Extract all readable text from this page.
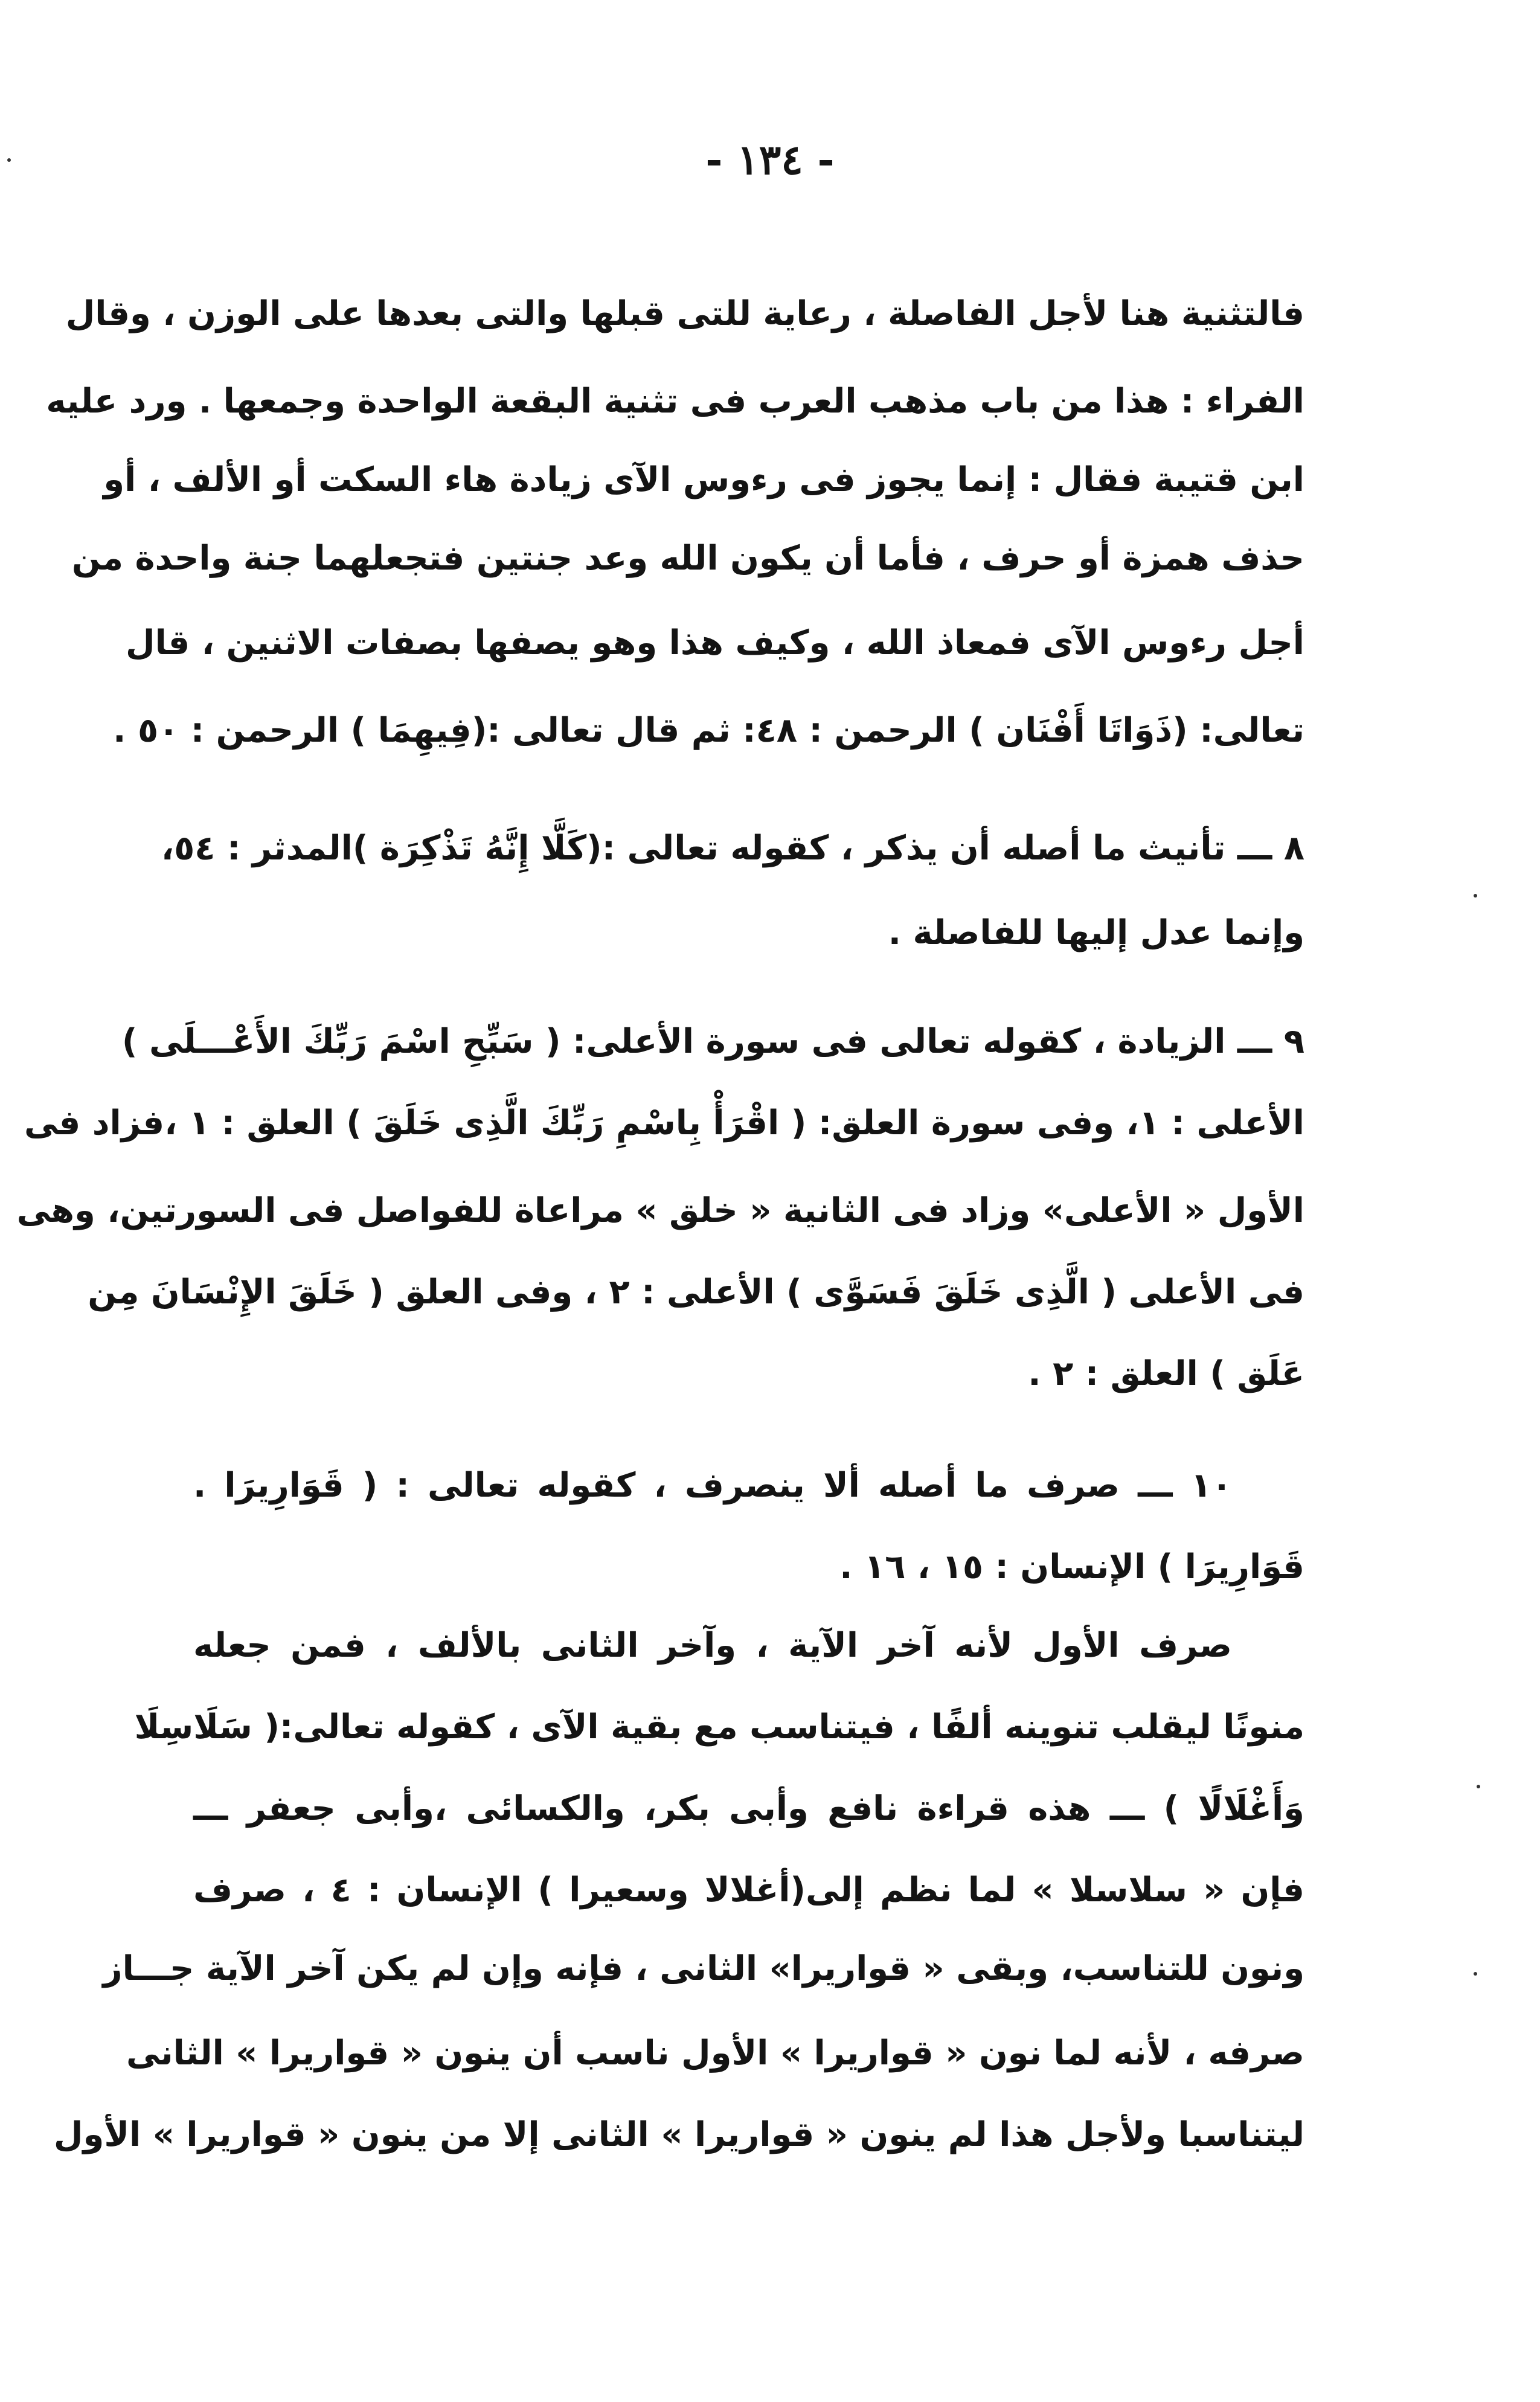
- ١٣٤ -
فالتثنية هنا لأجل الفاصلة ، رعاية للتى قبلها والتى بعدها على الوزن ، وقال
الفراء : هذا من باب مذهب العرب فى تثنية البقعة الواحدة وجمعها . ورد عليه
ابن قتيبة فقال : إنما يجوز فى رءوس الآى زيادة هاء السكت أو الألف ، أو
حذف همزة أو حرف ، فأما أن يكون الله وعد جنتين فتجعلهما جنة واحدة من
أجل رءوس الآى فمعاذ الله ، وكيف هذا وهو يصفها بصفات الاثنين ، قال
تعالى: (ذَوَاتَا أَفْنَان ) الرحمن : ٤٨: ثم قال تعالى :(فِيهِمَا ) الرحمن : ٥٠ .
٨ ـــ تأنيث ما أصله أن يذكر ، كقوله تعالى :(كَلَّا إِنَّهُ تَذْكِرَة )المدثر : ٥٤،
وإنما عدل إليها للفاصلة .
٩ ـــ الزيادة ، كقوله تعالى فى سورة الأعلى: ( سَبِّحِ اسْمَ رَبِّكَ الأَعْـــلَى )
الأعلى : ١، وفى سورة العلق: ( اقْرَأْ بِاسْمِ رَبِّكَ الَّذِى خَلَقَ ) العلق : ١ ،فزاد فى
الأول « الأعلى» وزاد فى الثانية « خلق » مراعاة للفواصل فى السورتين، وهى
فى الأعلى ( الَّذِى خَلَقَ فَسَوَّى ) الأعلى : ٢ ، وفى العلق ( خَلَقَ الإِنْسَانَ مِن
عَلَق ) العلق : ٢ .
١٠ ـــ صرف ما أصله ألا ينصرف ، كقوله تعالى : ( قَوَارِيرَا .
قَوَارِيرَا ) الإنسان : ١٥ ، ١٦ .
صرف الأول لأنه آخر الآية ، وآخر الثانى بالألف ، فمن جعله
منونًا ليقلب تنوينه ألفًا ، فيتناسب مع بقية الآى ، كقوله تعالى:( سَلَاسِلَا
وَأَغْلَالًا ) ـــ هذه قراءة نافع وأبى بكر، والكسائى ،وأبى جعفر ـــ
فإن « سلاسلا » لما نظم إلى(أغلالا وسعيرا ) الإنسان : ٤ ، صرف
ونون للتناسب، وبقى « قواريرا» الثانى ، فإنه وإن لم يكن آخر الآية جـــاز
صرفه ، لأنه لما نون « قواريرا » الأول ناسب أن ينون « قواريرا » الثانى
ليتناسبا ولأجل هذا لم ينون « قواريرا » الثانى إلا من ينون « قواريرا » الأول
